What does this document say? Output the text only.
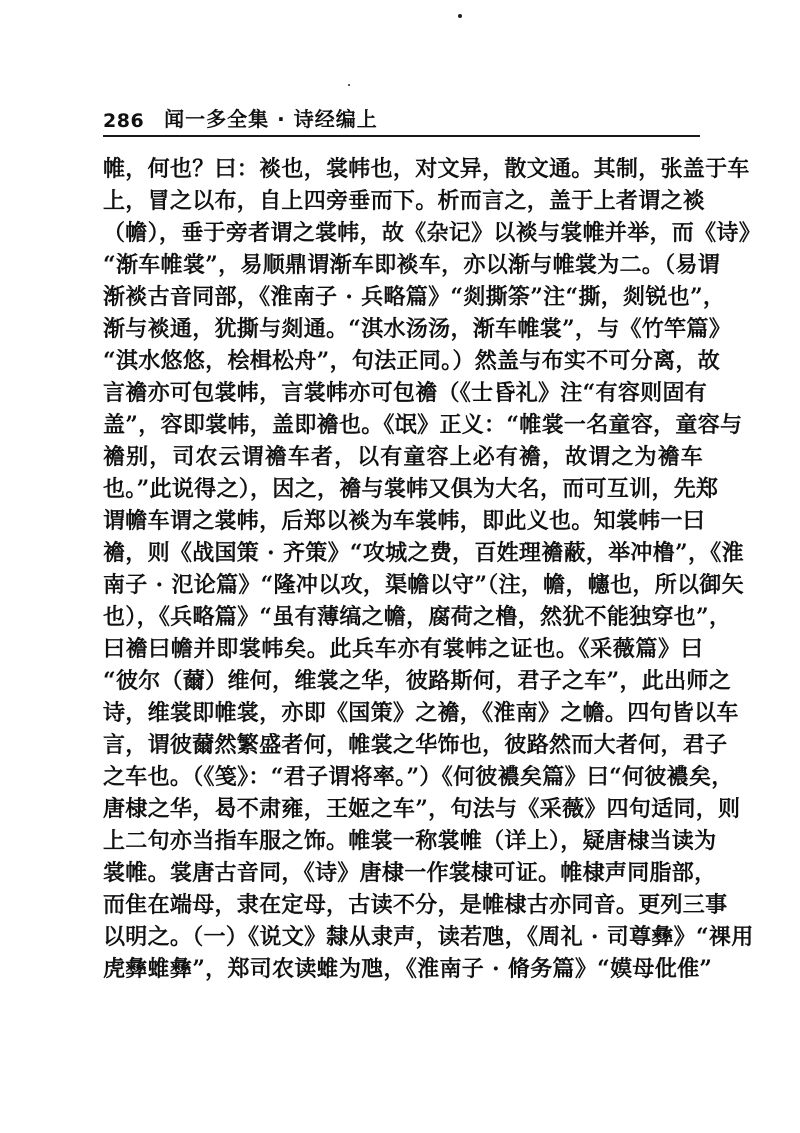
286 闻一多全集 · 诗经编上
帷，何也？曰：裧也，裳帏也，对文异，散文通。其制，张盖于车
上，冒之以布，自上四旁垂而下。析而言之，盖于上者谓之裧
（幨），垂于旁者谓之裳帏，故《杂记》以裧与裳帷并举，而《诗》
“渐车帷裳”，易顺鼎谓渐车即裧车，亦以渐与帷裳为二。（易谓
渐裧古音同部，《淮南子 · 兵略篇》“剡撕筡”注“撕，剡锐也”，
渐与裧通，犹撕与剡通。“淇水汤汤，渐车帷裳”，与《竹竿篇》
“淇水悠悠，桧楫松舟”，句法正同。）然盖与布实不可分离，故
言襜亦可包裳帏，言裳帏亦可包襜（《士昏礼》注“有容则固有
盖”，容即裳帏，盖即襜也。《氓》正义：“帷裳一名童容，童容与
襜别，司农云谓襜车者，以有童容上必有襜，故谓之为襜车
也。”此说得之），因之，襜与裳帏又俱为大名，而可互训，先郑
谓幨车谓之裳帏，后郑以裧为车裳帏，即此义也。知裳帏一曰
襜，则《战国策 · 齐策》“攻城之费，百姓理襜蔽，举冲橹”，《淮
南子 · 氾论篇》“隆冲以攻，渠幨以守”（注，幨，幰也，所以御矢
也），《兵略篇》“虽有薄缟之幨，腐荷之橹，然犹不能独穿也”，
曰襜曰幨并即裳帏矣。此兵车亦有裳帏之证也。《采薇篇》曰
“彼尔（薾）维何，维裳之华，彼路斯何，君子之车”，此出师之
诗，维裳即帷裳，亦即《国策》之襜，《淮南》之幨。四句皆以车
言，谓彼薾然繁盛者何，帷裳之华饰也，彼路然而大者何，君子
之车也。（《笺》：“君子谓将率。”）《何彼襛矣篇》曰“何彼襛矣，
唐棣之华，曷不肃雍，王姬之车”，句法与《采薇》四句适同，则
上二句亦当指车服之饰。帷裳一称裳帷（详上），疑唐棣当读为
裳帷。裳唐古音同，《诗》唐棣一作裳棣可证。帷棣声同脂部，
而隹在端母，隶在定母，古读不分，是帷棣古亦同音。更列三事
以明之。（一）《说文》隸从隶声，读若虺，《周礼 · 司尊彝》“祼用
虎彝蜼彝”，郑司农读蜼为虺，《淮南子 · 脩务篇》“嫫母仳倠”
